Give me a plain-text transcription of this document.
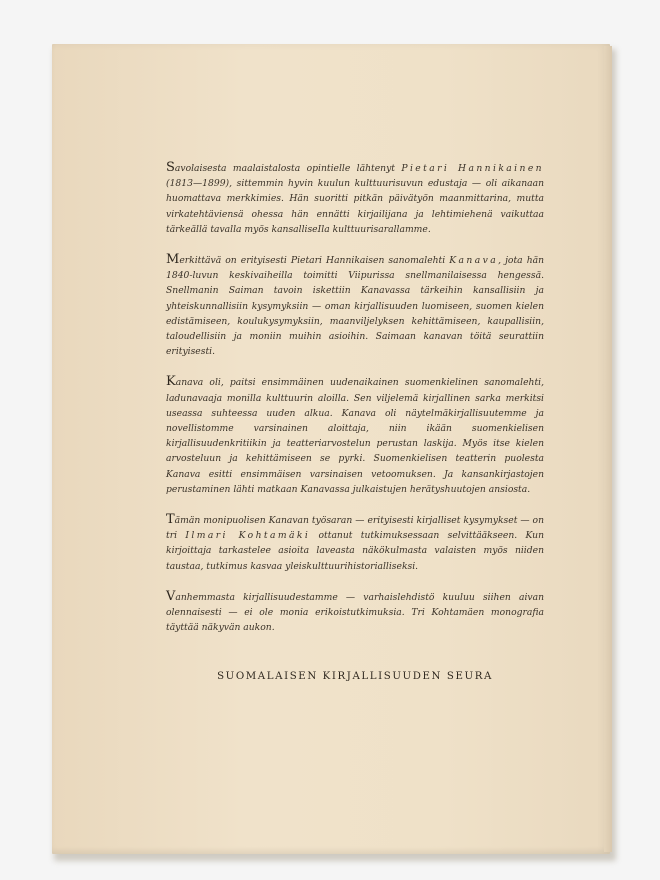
Savolaisesta maalaistalosta opintielle lähtenyt Pietari Hannikainen (1813—1899), sittemmin hyvin kuulun kulttuurisuvun edustaja — oli aikanaan huomattava merkkimies. Hän suoritti pitkän päivätyön maanmittarina, mutta virkatehtäviensä ohessa hän ennätti kirjailijana ja lehtimiehenä vaikuttaa tärkeällä tavalla myös kansalliseIla kulttuurisarallamme.

Merkittävä on erityisesti Pietari Hannikaisen sanomalehti Kanava, jota hän 1840-luvun keskivaiheilla toimitti Viipurissa snellmanilaisessa hengessä. Snellmanin Saiman tavoin iskettiin Kanavassa tärkeihin kansallisiin ja yhteiskunnallisiin kysymyksiin — oman kirjallisuuden luomiseen, suomen kielen edistämiseen, koulukysymyksiin, maanviljelyksen kehittämiseen, kaupallisiin, taloudellisiin ja moniin muihin asioihin. Saimaan kanavan töitä seurattiin erityisesti.

Kanava oli, paitsi ensimmäinen uudenaikainen suomenkielinen sanomalehti, ladunavaaja monilla kulttuurin aloilla. Sen viljelemä kirjallinen sarka merkitsi useassa suhteessa uuden alkua. Kanava oli näytelmäkirjallisuutemme ja novellistomme varsinainen aloittaja, niin ikään suomenkielisen kirjallisuudenkritiikin ja teatteriarvostelun perustan laskija. Myös itse kielen arvosteluun ja kehittämiseen se pyrki. Suomenkielisen teatterin puolesta Kanava esitti ensimmäisen varsinaisen vetoomuksen. Ja kansankirjastojen perustaminen lähti matkaan Kanavassa julkaistujen herätyshuutojen ansiosta.

Tämän monipuolisen Kanavan työsaran — erityisesti kirjalliset kysymykset — on tri Ilmari Kohtamäki ottanut tutkimuksessaan selvittääkseen. Kun kirjoittaja tarkastelee asioita laveasta näkökulmasta valaisten myös niiden taustaa, tutkimus kasvaa yleiskulttuurihistorialliseksi.

Vanhemmasta kirjallisuudestamme — varhaislehdistö kuuluu siihen aivan olennaisesti — ei ole monia erikoistutkimuksia. Tri Kohtamäen monografia täyttää näkyvän aukon.

SUOMALAISEN KIRJALLISUUDEN SEURA
